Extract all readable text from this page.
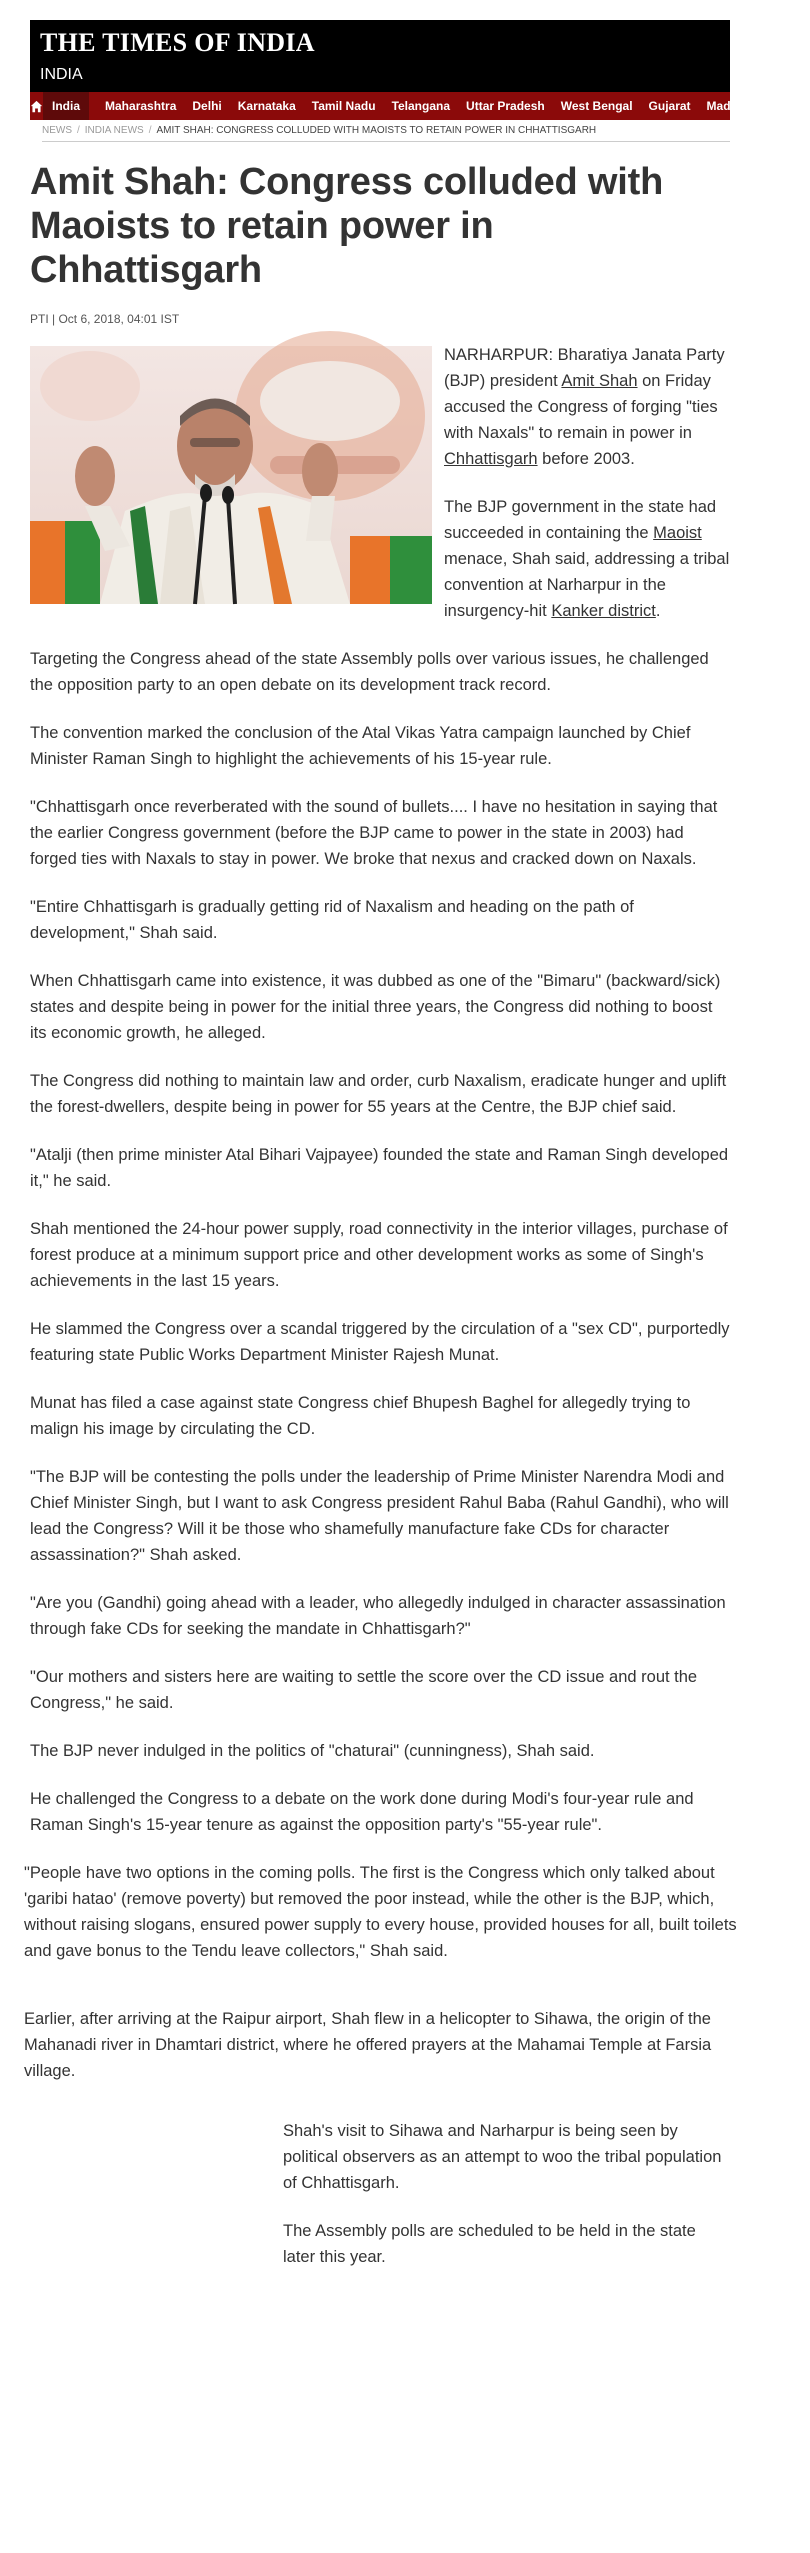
THE TIMES OF INDIA
INDIA
India	Maharashtra	Delhi	Karnataka	Tamil Nadu	Telangana	Uttar Pradesh	West Bengal	Gujarat	Madhya Pradesh
NEWS / INDIA NEWS / AMIT SHAH: CONGRESS COLLUDED WITH MAOISTS TO RETAIN POWER IN CHHATTISGARH
Amit Shah: Congress colluded with Maoists to retain power in Chhattisgarh
PTI | Oct 6, 2018, 04:01 IST

NARHARPUR: Bharatiya Janata Party (BJP) president Amit Shah on Friday accused the Congress of forging "ties with Naxals" to remain in power in Chhattisgarh before 2003.

The BJP government in the state had succeeded in containing the Maoist menace, Shah said, addressing a tribal convention at Narharpur in the insurgency-hit Kanker district.

Targeting the Congress ahead of the state Assembly polls over various issues, he challenged the opposition party to an open debate on its development track record.

The convention marked the conclusion of the Atal Vikas Yatra campaign launched by Chief Minister Raman Singh to highlight the achievements of his 15-year rule.

"Chhattisgarh once reverberated with the sound of bullets.... I have no hesitation in saying that the earlier Congress government (before the BJP came to power in the state in 2003) had forged ties with Naxals to stay in power. We broke that nexus and cracked down on Naxals.

"Entire Chhattisgarh is gradually getting rid of Naxalism and heading on the path of development," Shah said.

When Chhattisgarh came into existence, it was dubbed as one of the "Bimaru" (backward/sick) states and despite being in power for the initial three years, the Congress did nothing to boost its economic growth, he alleged.

The Congress did nothing to maintain law and order, curb Naxalism, eradicate hunger and uplift the forest-dwellers, despite being in power for 55 years at the Centre, the BJP chief said.

"Atalji (then prime minister Atal Bihari Vajpayee) founded the state and Raman Singh developed it," he said.

Shah mentioned the 24-hour power supply, road connectivity in the interior villages, purchase of forest produce at a minimum support price and other development works as some of Singh's achievements in the last 15 years.

He slammed the Congress over a scandal triggered by the circulation of a "sex CD", purportedly featuring state Public Works Department Minister Rajesh Munat.

Munat has filed a case against state Congress chief Bhupesh Baghel for allegedly trying to malign his image by circulating the CD.

"The BJP will be contesting the polls under the leadership of Prime Minister Narendra Modi and Chief Minister Singh, but I want to ask Congress president Rahul Baba (Rahul Gandhi), who will lead the Congress? Will it be those who shamefully manufacture fake CDs for character assassination?" Shah asked.

"Are you (Gandhi) going ahead with a leader, who allegedly indulged in character assassination through fake CDs for seeking the mandate in Chhattisgarh?"

"Our mothers and sisters here are waiting to settle the score over the CD issue and rout the Congress," he said.

The BJP never indulged in the politics of "chaturai" (cunningness), Shah said.

He challenged the Congress to a debate on the work done during Modi's four-year rule and Raman Singh's 15-year tenure as against the opposition party's "55-year rule".

"People have two options in the coming polls. The first is the Congress which only talked about 'garibi hatao' (remove poverty) but removed the poor instead, while the other is the BJP, which, without raising slogans, ensured power supply to every house, provided houses for all, built toilets and gave bonus to the Tendu leave collectors," Shah said.

Earlier, after arriving at the Raipur airport, Shah flew in a helicopter to Sihawa, the origin of the Mahanadi river in Dhamtari district, where he offered prayers at the Mahamai Temple at Farsia village.

Shah's visit to Sihawa and Narharpur is being seen by political observers as an attempt to woo the tribal population of Chhattisgarh.

The Assembly polls are scheduled to be held in the state later this year.
